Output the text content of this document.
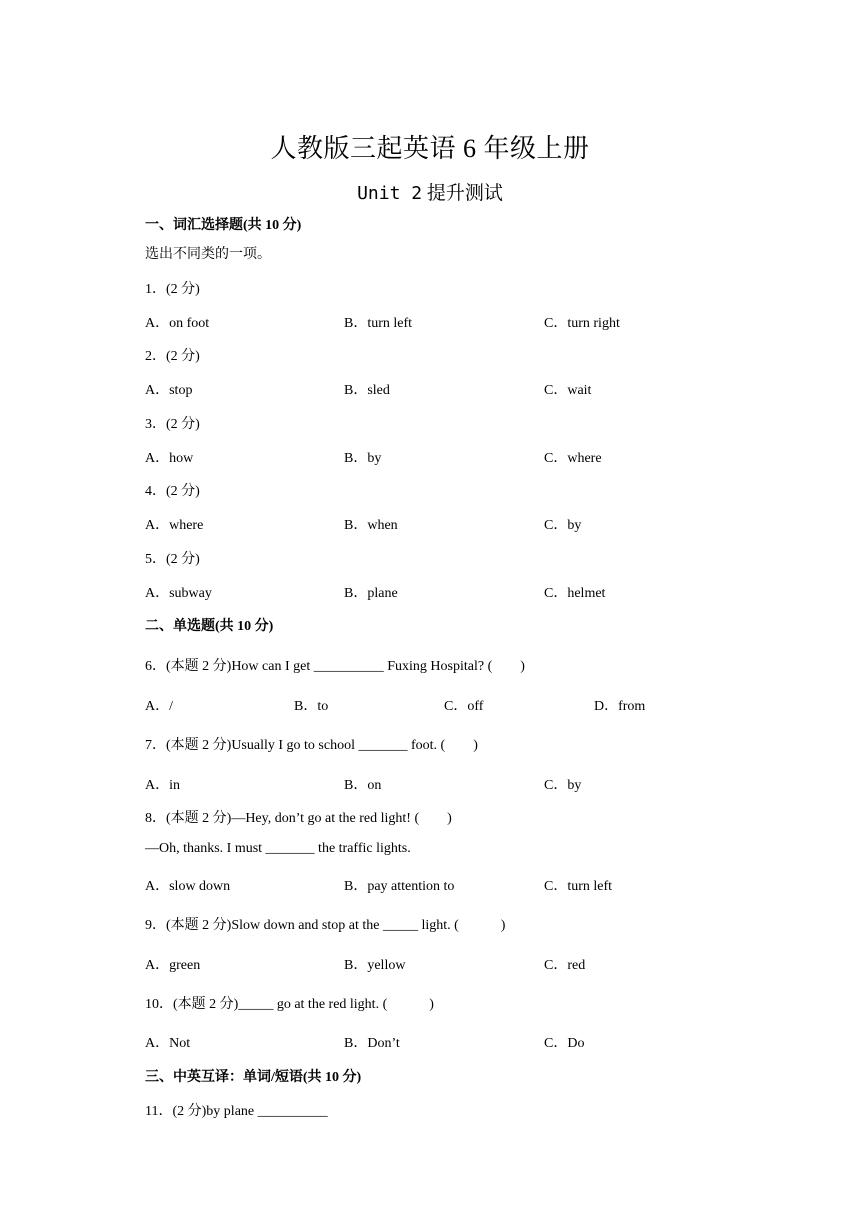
人教版三起英语 6 年级上册
Unit 2 提升测试
一、词汇选择题(共 10 分)
选出不同类的一项。
1．(2 分)
A．on foot	B．turn left	C．turn right
2．(2 分)
A．stop	B．sled	C．wait
3．(2 分)
A．how	B．by	C．where
4．(2 分)
A．where	B．when	C．by
5．(2 分)
A．subway	B．plane	C．helmet
二、单选题(共 10 分)
6．(本题 2 分)How can I get __________ Fuxing Hospital? (　　)
A．/	B．to	C．off	D．from
7．(本题 2 分)Usually I go to school _______ foot. (　　)
A．in	B．on	C．by
8．(本题 2 分)—Hey, don’t go at the red light! (　　)
—Oh, thanks. I must _______ the traffic lights.
A．slow down	B．pay attention to	C．turn left
9．(本题 2 分)Slow down and stop at the _____ light. (　　　)
A．green	B．yellow	C．red
10．(本题 2 分)_____ go at the red light. (　　　)
A．Not	B．Don’t	C．Do
三、中英互译：单词/短语(共 10 分)
11．(2 分)by plane __________
